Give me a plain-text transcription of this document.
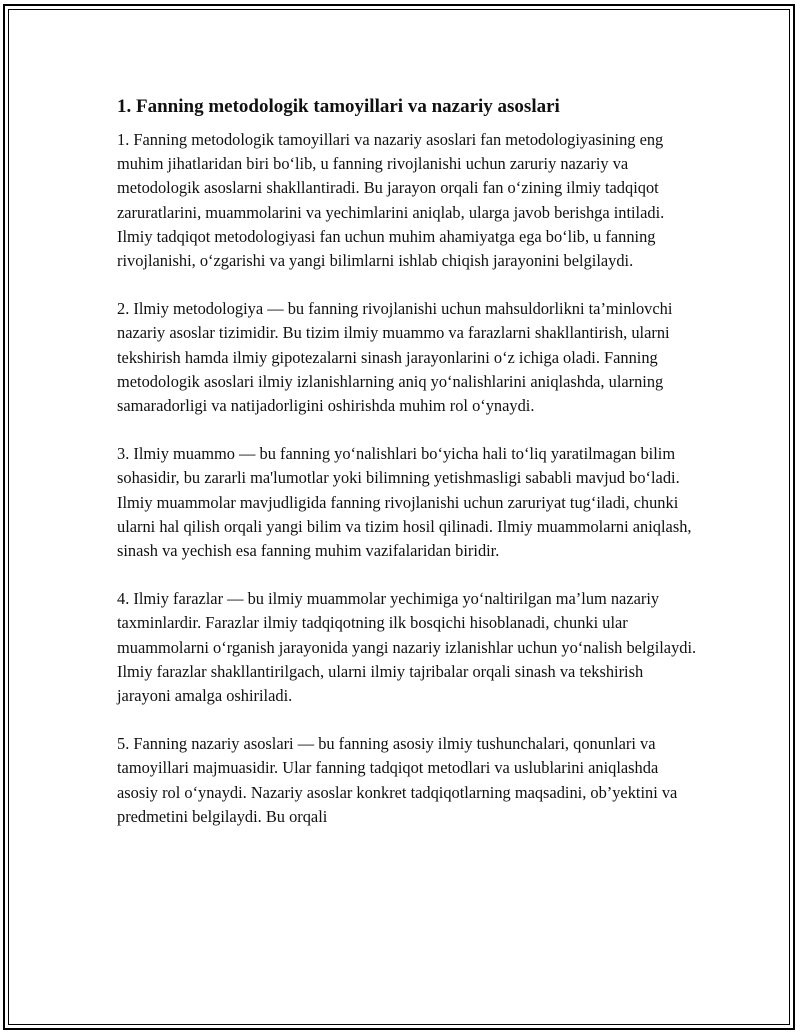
1. Fanning metodologik tamoyillari va nazariy asoslari

1. Fanning metodologik tamoyillari va nazariy asoslari fan metodologiyasining eng muhim jihatlaridan biri bo‘lib, u fanning rivojlanishi uchun zaruriy nazariy va metodologik asoslarni shakllantiradi. Bu jarayon orqali fan o‘zining ilmiy tadqiqot zaruratlarini, muammolarini va yechimlarini aniqlab, ularga javob berishga intiladi. Ilmiy tadqiqot metodologiyasi fan uchun muhim ahamiyatga ega bo‘lib, u fanning rivojlanishi, o‘zgarishi va yangi bilimlarni ishlab chiqish jarayonini belgilaydi.

2. Ilmiy metodologiya — bu fanning rivojlanishi uchun mahsuldorlikni ta’minlovchi nazariy asoslar tizimidir. Bu tizim ilmiy muammo va farazlarni shakllantirish, ularni tekshirish hamda ilmiy gipotezalarni sinash jarayonlarini o‘z ichiga oladi. Fanning metodologik asoslari ilmiy izlanishlarning aniq yo‘nalishlarini aniqlashda, ularning samaradorligi va natijadorligini oshirishda muhim rol o‘ynaydi.

3. Ilmiy muammo — bu fanning yo‘nalishlari bo‘yicha hali to‘liq yaratilmagan bilim sohasidir, bu zararli ma'lumotlar yoki bilimning yetishmasligi sababli mavjud bo‘ladi. Ilmiy muammolar mavjudligida fanning rivojlanishi uchun zaruriyat tug‘iladi, chunki ularni hal qilish orqali yangi bilim va tizim hosil qilinadi. Ilmiy muammolarni aniqlash, sinash va yechish esa fanning muhim vazifalaridan biridir.

4. Ilmiy farazlar — bu ilmiy muammolar yechimiga yo‘naltirilgan ma’lum nazariy taxminlardir. Farazlar ilmiy tadqiqotning ilk bosqichi hisoblanadi, chunki ular muammolarni o‘rganish jarayonida yangi nazariy izlanishlar uchun yo‘nalish belgilaydi. Ilmiy farazlar shakllantirilgach, ularni ilmiy tajribalar orqali sinash va tekshirish jarayoni amalga oshiriladi.

5. Fanning nazariy asoslari — bu fanning asosiy ilmiy tushunchalari, qonunlari va tamoyillari majmuasidir. Ular fanning tadqiqot metodlari va uslublarini aniqlashda asosiy rol o‘ynaydi. Nazariy asoslar konkret tadqiqotlarning maqsadini, ob’yektini va predmetini belgilaydi. Bu orqali
